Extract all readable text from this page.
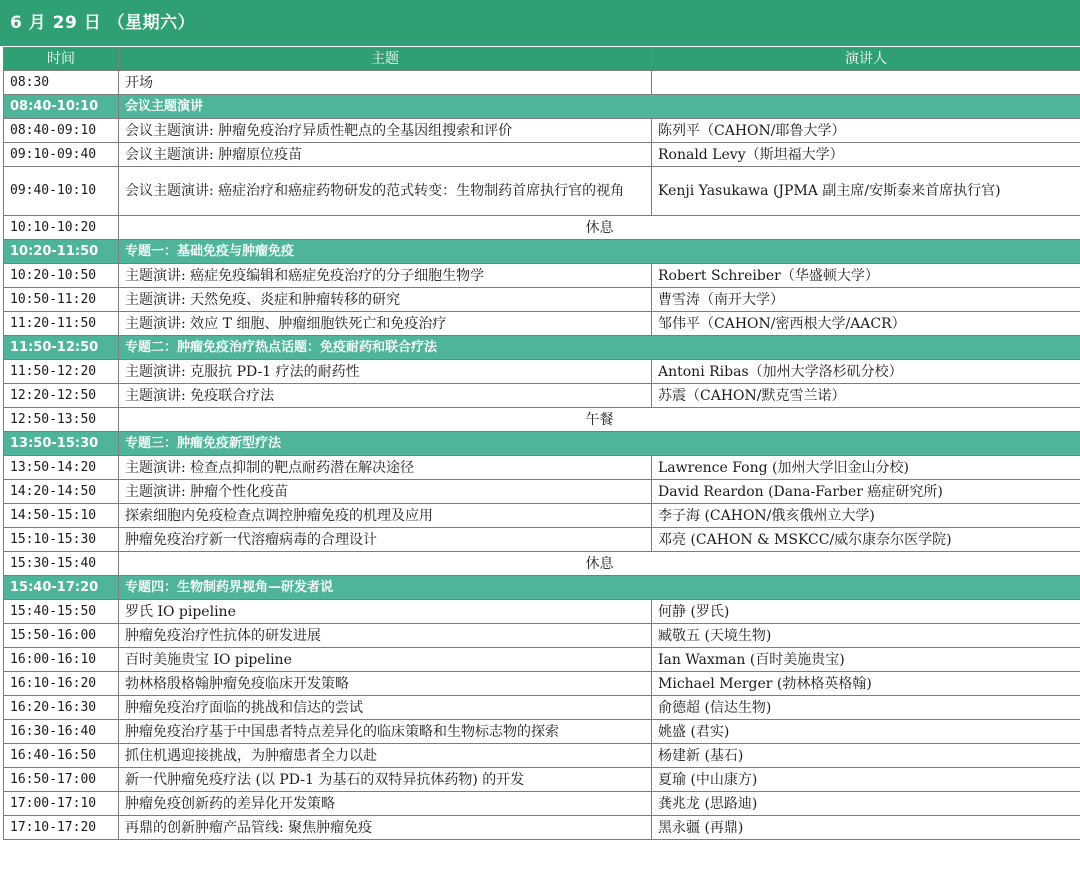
6 月 29 日 （星期六）
时间	主题	演讲人
08:30	开场	
08:40-10:10	会议主题演讲	
08:40-09:10	会议主题演讲: 肿瘤免疫治疗异质性靶点的全基因组搜索和评价	陈列平（CAHON/耶鲁大学）
09:10-09:40	会议主题演讲: 肿瘤原位疫苗	Ronald Levy（斯坦福大学）
09:40-10:10	会议主题演讲: 癌症治疗和癌症药物研发的范式转变：生物制药首席执行官的视角	Kenji Yasukawa (JPMA 副主席/安斯泰来首席执行官)
10:10-10:20	休息	
10:20-11:50	专题一：基础免疫与肿瘤免疫	
10:20-10:50	主题演讲: 癌症免疫编辑和癌症免疫治疗的分子细胞生物学	Robert Schreiber（华盛顿大学）
10:50-11:20	主题演讲: 天然免疫、炎症和肿瘤转移的研究	曹雪涛（南开大学）
11:20-11:50	主题演讲: 效应 T 细胞、肿瘤细胞铁死亡和免疫治疗	邹伟平（CAHON/密西根大学/AACR）
11:50-12:50	专题二：肿瘤免疫治疗热点话题：免疫耐药和联合疗法	
11:50-12:20	主题演讲: 克服抗 PD-1 疗法的耐药性	Antoni Ribas（加州大学洛杉矶分校）
12:20-12:50	主题演讲: 免疫联合疗法	苏震（CAHON/默克雪兰诺）
12:50-13:50	午餐	
13:50-15:30	专题三：肿瘤免疫新型疗法	
13:50-14:20	主题演讲: 检查点抑制的靶点耐药潜在解决途径	Lawrence Fong (加州大学旧金山分校)
14:20-14:50	主题演讲: 肿瘤个性化疫苗	David Reardon (Dana-Farber 癌症研究所)
14:50-15:10	探索细胞内免疫检查点调控肿瘤免疫的机理及应用	李子海 (CAHON/俄亥俄州立大学)
15:10-15:30	肿瘤免疫治疗新一代溶瘤病毒的合理设计	邓亮 (CAHON & MSKCC/威尔康奈尔医学院)
15:30-15:40	休息	
15:40-17:20	专题四：生物制药界视角—研发者说	
15:40-15:50	罗氏 IO pipeline	何静 (罗氏)
15:50-16:00	肿瘤免疫治疗性抗体的研发进展	臧敬五 (天境生物)
16:00-16:10	百时美施贵宝 IO pipeline	Ian Waxman (百时美施贵宝)
16:10-16:20	勃林格殷格翰肿瘤免疫临床开发策略	Michael Merger (勃林格英格翰)
16:20-16:30	肿瘤免疫治疗面临的挑战和信达的尝试	俞德超 (信达生物)
16:30-16:40	肿瘤免疫治疗基于中国患者特点差异化的临床策略和生物标志物的探索	姚盛 (君实)
16:40-16:50	抓住机遇迎接挑战，为肿瘤患者全力以赴	杨建新 (基石)
16:50-17:00	新一代肿瘤免疫疗法 (以 PD-1 为基石的双特异抗体药物) 的开发	夏瑜 (中山康方)
17:00-17:10	肿瘤免疫创新药的差异化开发策略	龚兆龙 (思路迪)
17:10-17:20	再鼎的创新肿瘤产品管线: 聚焦肿瘤免疫	黑永疆 (再鼎)
